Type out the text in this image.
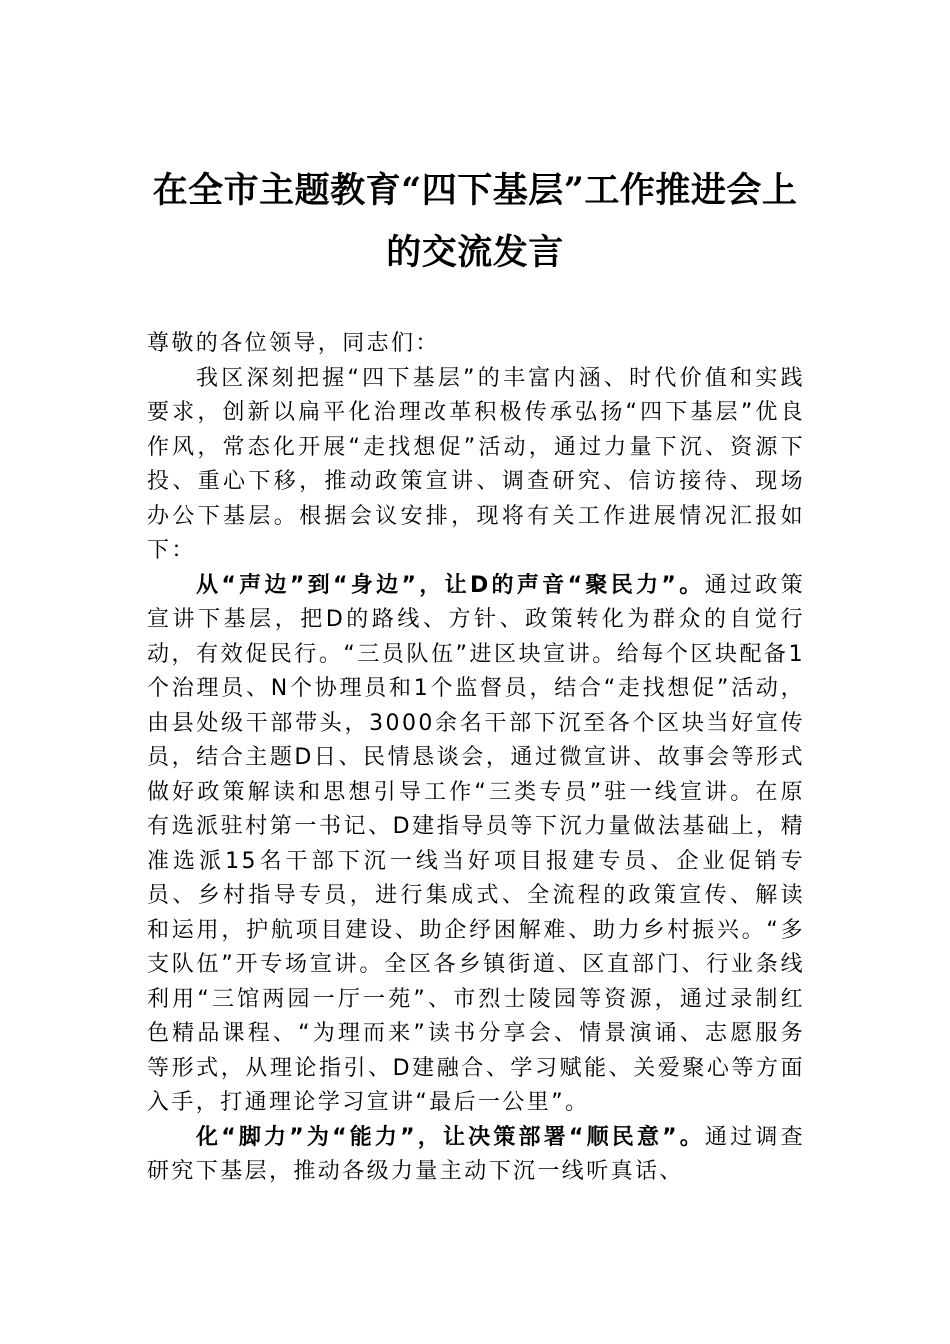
在全市主题教育“四下基层”工作推进会上的交流发言

尊敬的各位领导，同志们：

我区深刻把握“四下基层”的丰富内涵、时代价值和实践要求，创新以扁平化治理改革积极传承弘扬“四下基层”优良作风，常态化开展“走找想促”活动，通过力量下沉、资源下投、重心下移，推动政策宣讲、调查研究、信访接待、现场办公下基层。根据会议安排，现将有关工作进展情况汇报如下：

从“声边”到“身边”，让D的声音“聚民力”。通过政策宣讲下基层，把D的路线、方针、政策转化为群众的自觉行动，有效促民行。“三员队伍”进区块宣讲。给每个区块配备1个治理员、N个协理员和1个监督员，结合“走找想促”活动，由县处级干部带头，3000余名干部下沉至各个区块当好宣传员，结合主题D日、民情恳谈会，通过微宣讲、故事会等形式做好政策解读和思想引导工作“三类专员”驻一线宣讲。在原有选派驻村第一书记、D建指导员等下沉力量做法基础上，精准选派15名干部下沉一线当好项目报建专员、企业促销专员、乡村指导专员，进行集成式、全流程的政策宣传、解读和运用，护航项目建设、助企纾困解难、助力乡村振兴。“多支队伍”开专场宣讲。全区各乡镇街道、区直部门、行业条线利用“三馆两园一厅一苑”、市烈士陵园等资源，通过录制红色精品课程、“为理而来”读书分享会、情景演诵、志愿服务等形式，从理论指引、D建融合、学习赋能、关爱聚心等方面入手，打通理论学习宣讲“最后一公里”。

化“脚力”为“能力”，让决策部署“顺民意”。通过调查研究下基层，推动各级力量主动下沉一线听真话、
